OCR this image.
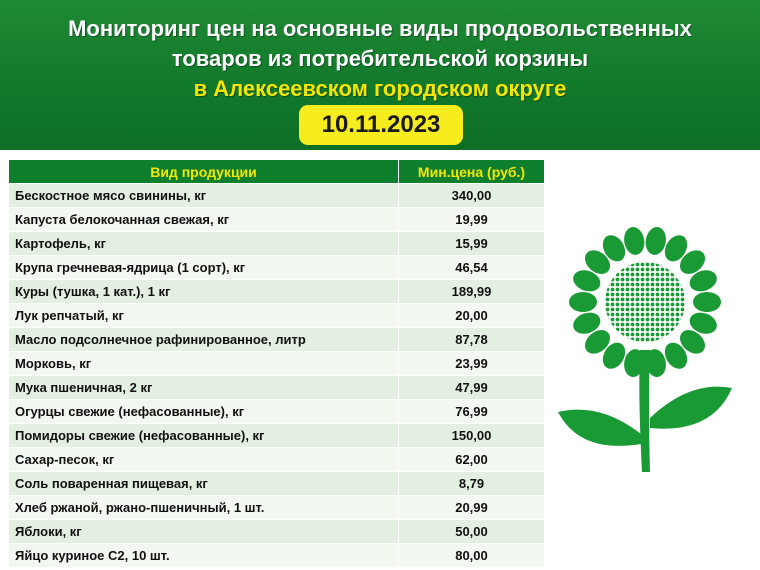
Мониторинг цен на основные виды продовольственных
товаров из потребительской корзины
в Алексеевском городском округе
10.11.2023
Вид продукции	Мин.цена (руб.)
Бескостное мясо свинины, кг	340,00
Капуста белокочанная свежая, кг	19,99
Картофель, кг	15,99
Крупа гречневая-ядрица (1 сорт), кг	46,54
Куры (тушка, 1 кат.), 1 кг	189,99
Лук репчатый, кг	20,00
Масло подсолнечное рафинированное, литр	87,78
Морковь, кг	23,99
Мука пшеничная, 2 кг	47,99
Огурцы свежие (нефасованные), кг	76,99
Помидоры свежие (нефасованные), кг	150,00
Сахар-песок, кг	62,00
Соль поваренная пищевая, кг	8,79
Хлеб ржаной, ржано-пшеничный, 1 шт.	20,99
Яблоки, кг	50,00
Яйцо куриное С2, 10 шт.	80,00
